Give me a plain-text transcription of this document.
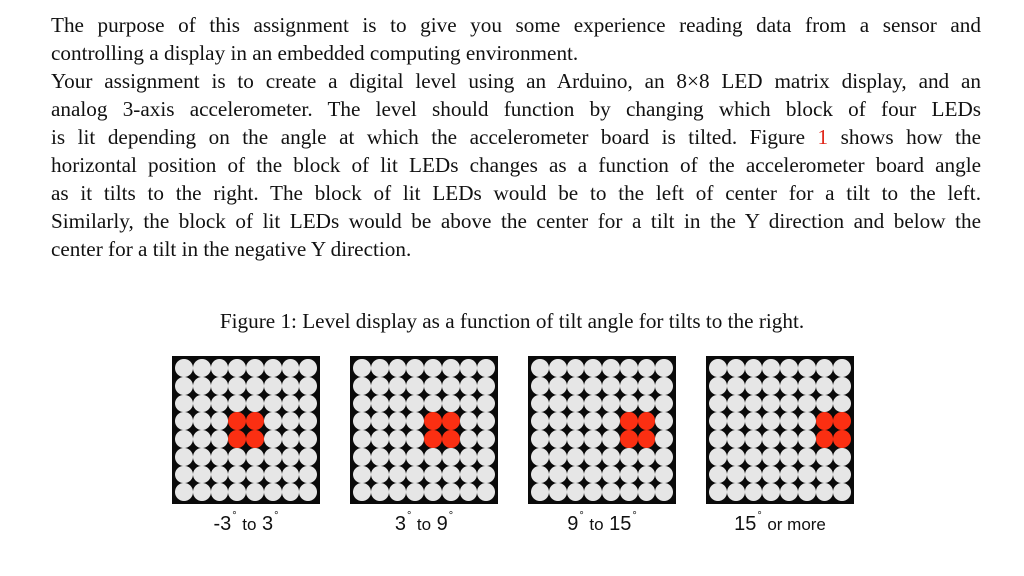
The purpose of this assignment is to give you some experience reading data from a sensor and
controlling a display in an embedded computing environment.
Your assignment is to create a digital level using an Arduino, an 8×8 LED matrix display, and an
analog 3-axis accelerometer. The level should function by changing which block of four LEDs
is lit depending on the angle at which the accelerometer board is tilted. Figure 1 shows how the
horizontal position of the block of lit LEDs changes as a function of the accelerometer board angle
as it tilts to the right. The block of lit LEDs would be to the left of center for a tilt to the left.
Similarly, the block of lit LEDs would be above the center for a tilt in the Y direction and below the
center for a tilt in the negative Y direction.
Figure 1: Level display as a function of tilt angle for tilts to the right.
-3° to 3°	3° to 9°	9° to 15°	15° or more
